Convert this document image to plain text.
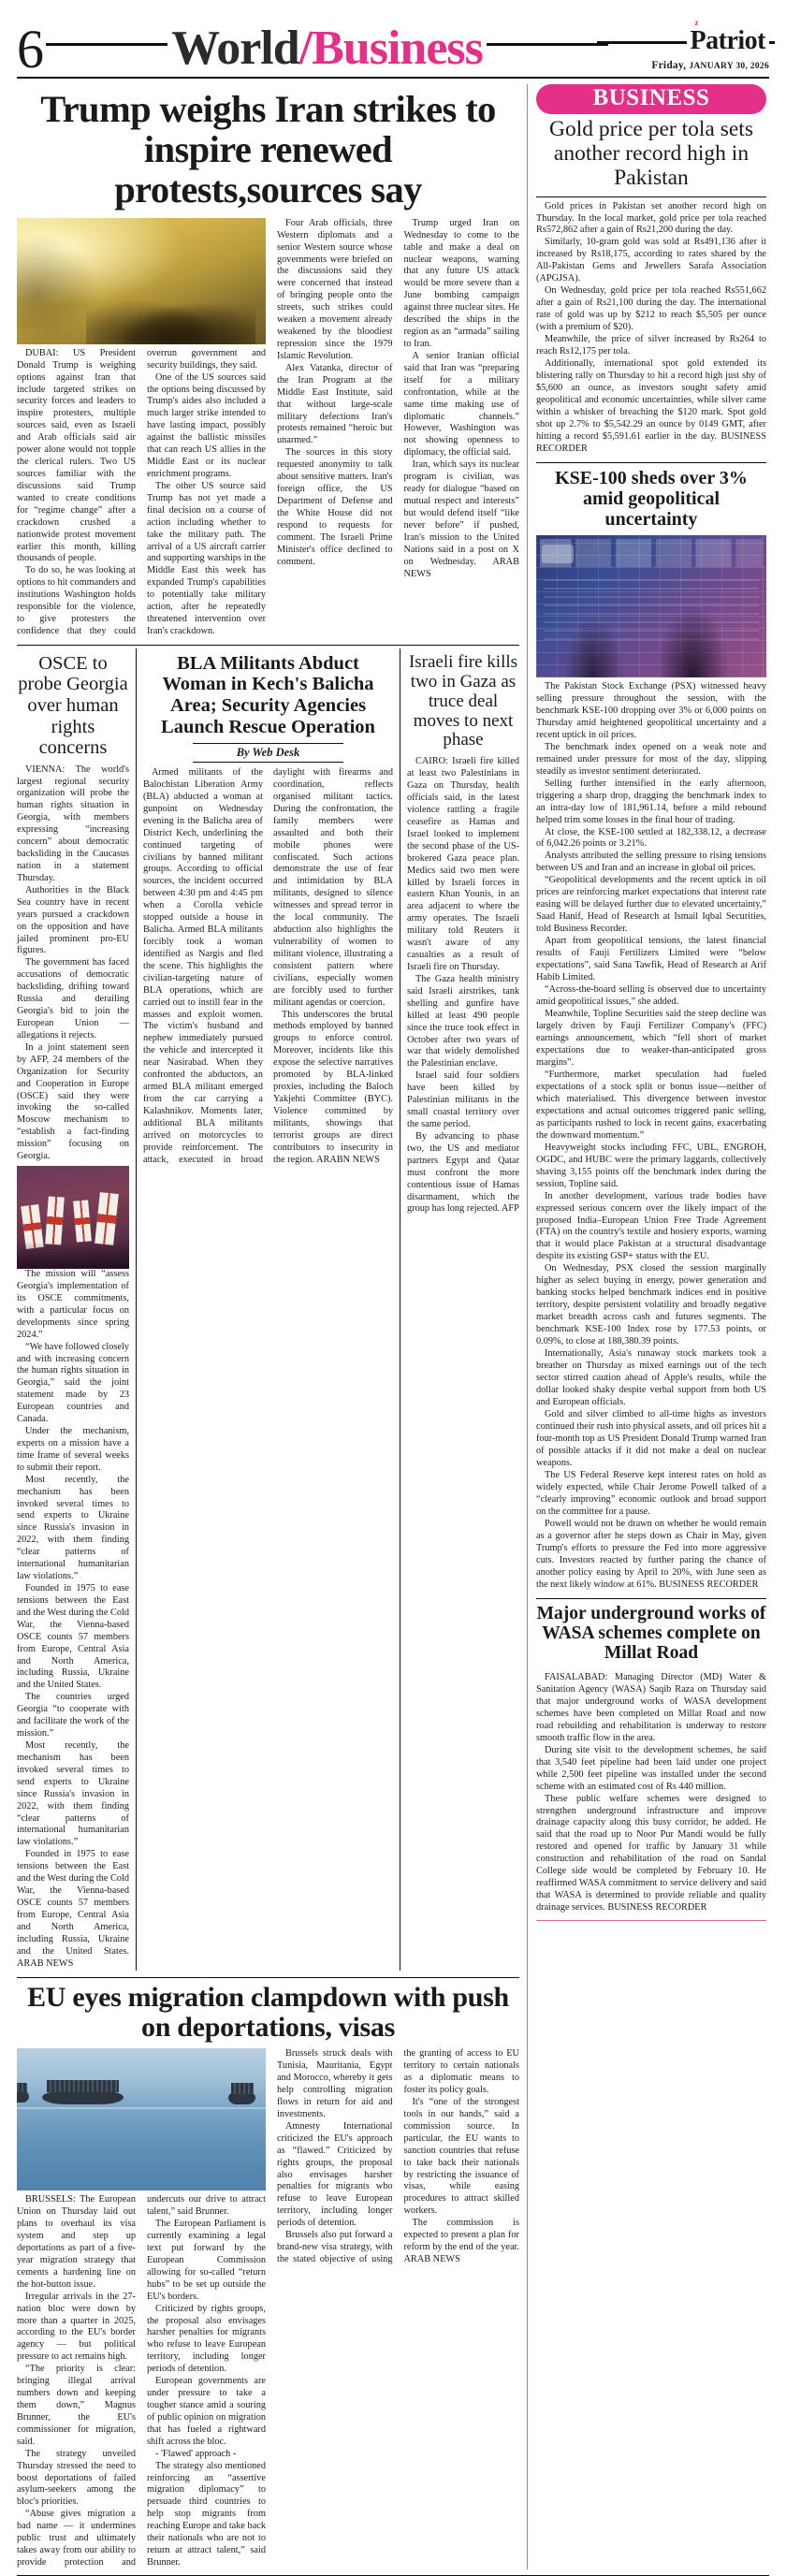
6	World/Business	z
Patriot
Friday, JANUARY 30, 2026
Trump weighs Iran strikes to inspire renewed protests,sources say

DUBAI: US President Donald Trump is weighing options against Iran that include targeted strikes on security forces and leaders to inspire protesters, multiple sources said, even as Israeli and Arab officials said air power alone would not topple the clerical rulers. Two US sources familiar with the discussions said Trump wanted to create conditions for “regime change” after a crackdown crushed a nationwide protest movement earlier this month, killing thousands of people.

To do so, he was looking at options to hit commanders and institutions Washington holds responsible for the violence, to give protesters the confidence that they could overrun government and security buildings, they said.

One of the US sources said the options being discussed by Trump's aides also included a much larger strike intended to have lasting impact, possibly against the ballistic missiles that can reach US allies in the Middle East or its nuclear enrichment programs.

The other US source said Trump has not yet made a final decision on a course of action including whether to take the military path. The arrival of a US aircraft carrier and supporting warships in the Middle East this week has expanded Trump's capabilities to potentially take military action, after he repeatedly threatened intervention over Iran's crackdown.

Four Arab officials, three Western diplomats and a senior Western source whose governments were briefed on the discussions said they were concerned that instead of bringing people onto the streets, such strikes could weaken a movement already weakened by the bloodiest repression since the 1979 Islamic Revolution.

Alex Vatanka, director of the Iran Program at the Middle East Institute, said that without large-scale military defections Iran's protests remained “heroic but unarmed.”

The sources in this story requested anonymity to talk about sensitive matters. Iran's foreign office, the US Department of Defense and the White House did not respond to requests for comment. The Israeli Prime Minister's office declined to comment.

Trump urged Iran on Wednesday to come to the table and make a deal on nuclear weapons, warning that any future US attack would be more severe than a June bombing campaign against three nuclear sites. He described the ships in the region as an “armada” sailing to Iran.

A senior Iranian official said that Iran was “preparing itself for a military confrontation, while at the same time making use of diplomatic channels.” However, Washington was not showing openness to diplomacy, the official said.

Iran, which says its nuclear program is civilian, was ready for dialogue “based on mutual respect and interests” but would defend itself “like never before” if pushed, Iran's mission to the United Nations said in a post on X on Wednesday. ARAB NEWS

OSCE to probe Georgia over human rights concerns

VIENNA: The world's largest regional security organization will probe the human rights situation in Georgia, with members expressing “increasing concern” about democratic backsliding in the Caucasus nation in a statement Thursday.

Authorities in the Black Sea country have in recent years pursued a crackdown on the opposition and have jailed prominent pro-EU figures.

The government has faced accusations of democratic backsliding, drifting toward Russia and derailing Georgia's bid to join the European Union — allegations it rejects.

In a joint statement seen by AFP, 24 members of the Organization for Security and Cooperation in Europe (OSCE) said they were invoking the so-called Moscow mechanism to “establish a fact-finding mission” focusing on Georgia.

The mission will “assess Georgia's implementation of its OSCE commitments, with a particular focus on developments since spring 2024.”

“We have followed closely and with increasing concern the human rights situation in Georgia,” said the joint statement made by 23 European countries and Canada.

Under the mechanism, experts on a mission have a time frame of several weeks to submit their report.

Most recently, the mechanism has been invoked several times to send experts to Ukraine since Russia's invasion in 2022, with them finding “clear patterns of international humanitarian law violations.”

Founded in 1975 to ease tensions between the East and the West during the Cold War, the Vienna-based OSCE counts 57 members from Europe, Central Asia and North America, including Russia, Ukraine and the United States.

The countries urged Georgia “to cooperate with and facilitate the work of the mission.”

Most recently, the mechanism has been invoked several times to send experts to Ukraine since Russia's invasion in 2022, with them finding “clear patterns of international humanitarian law violations.”

Founded in 1975 to ease tensions between the East and the West during the Cold War, the Vienna-based OSCE counts 57 members from Europe, Central Asia and North America, including Russia, Ukraine and the United States. ARAB NEWS

BLA Militants Abduct Woman in Kech's Balicha Area; Security Agencies Launch Rescue Operation
By Web Desk

Armed militants of the Balochistan Liberation Army (BLA) abducted a woman at gunpoint on Wednesday evening in the Balicha area of District Kech, underlining the continued targeting of civilians by banned militant groups. According to official sources, the incident occurred between 4:30 pm and 4:45 pm when a Corolla vehicle stopped outside a house in Balicha. Armed BLA militants forcibly took a woman identified as Nargis and fled the scene. This highlights the civilian-targeting nature of BLA operations, which are carried out to instill fear in the masses and exploit women. The victim's husband and nephew immediately pursued the vehicle and intercepted it near Nasirabad. When they confronted the abductors, an armed BLA militant emerged from the car carrying a Kalashnikov. Moments later, additional BLA militants arrived on motorcycles to provide reinforcement. The attack, executed in broad daylight with firearms and coordination, reflects organised militant tactics. During the confrontation, the family members were assaulted and both their mobile phones were confiscated. Such actions demonstrate the use of fear and intimidation by BLA militants, designed to silence witnesses and spread terror in the local community. The abduction also highlights the vulnerability of women to militant violence, illustrating a consistent pattern where civilians, especially women are forcibly used to further militant agendas or coercion.

This underscores the brutal methods employed by banned groups to enforce control. Moreover, incidents like this expose the selective narratives promoted by BLA-linked proxies, including the Baloch Yakjehti Committee (BYC). Violence committed by militants, showings that terrorist groups are direct contributors to insecurity in the region. ARABN NEWS

Israeli fire kills two in Gaza as truce deal moves to next phase

CAIRO: Israeli fire killed at least two Palestinians in Gaza on Thursday, health officials said, in the latest violence rattling a fragile ceasefire as Hamas and Israel looked to implement the second phase of the US-brokered Gaza peace plan. Medics said two men were killed by Israeli forces in eastern Khan Younis, in an area adjacent to where the army operates. The Israeli military told Reuters it wasn't aware of any casualties as a result of Israeli fire on Thursday.

The Gaza health ministry said Israeli airstrikes, tank shelling and gunfire have killed at least 490 people since the truce took effect in October after two years of war that widely demolished the Palestinian enclave.

Israel said four soldiers have been killed by Palestinian militants in the small coastal territory over the same period.

By advancing to phase two, the US and mediator partners Egypt and Qatar must confront the more contentious issue of Hamas disarmament, which the group has long rejected. AFP

EU eyes migration clampdown with push on deportations, visas

BRUSSELS: The European Union on Thursday laid out plans to overhaul its visa system and step up deportations as part of a five-year migration strategy that cements a hardening line on the hot-button issue.

Irregular arrivals in the 27-nation bloc were down by more than a quarter in 2025, according to the EU's border agency — but political pressure to act remains high.

“The priority is clear: bringing illegal arrival numbers down and keeping them down,” Magnus Brunner, the EU's commissioner for migration, said.

The strategy unveiled Thursday stressed the need to boost deportations of failed asylum-seekers among the bloc's priorities.

“Abuse gives migration a bad name — it undermines public trust and ultimately takes away from our ability to provide protection and undercuts our drive to attract talent,” said Brunner.

The European Parliament is currently examining a legal text put forward by the European Commission allowing for so-called “return hubs” to be set up outside the EU's borders.

Criticized by rights groups, the proposal also envisages harsher penalties for migrants who refuse to leave European territory, including longer periods of detention.

European governments are under pressure to take a tougher stance amid a souring of public opinion on migration that has fueled a rightward shift across the bloc.

- 'Flawed' approach -

The strategy also mentioned reinforcing an “assertive migration diplomacy” to persuade third countries to help stop migrants from reaching Europe and take back their nationals who are not to return at attract talent,” said Brunner.

Brussels struck deals with Tunisia, Mauritania, Egypt and Morocco, whereby it gets help controlling migration flows in return for aid and investments.

Amnesty International criticized the EU's approach as “flawed.” Criticized by rights groups, the proposal also envisages harsher penalties for migrants who refuse to leave European territory, including longer periods of detention.

Brussels also put forward a brand-new visa strategy, with the stated objective of using the granting of access to EU territory to certain nationals as a diplomatic means to foster its policy goals.

It's “one of the strongest tools in our hands,” said a commission source. In particular, the EU wants to sanction countries that refuse to take back their nationals by restricting the issuance of visas, while easing procedures to attract skilled workers.

The commission is expected to present a plan for reform by the end of the year. ARAB NEWS

BUSINESS
Gold price per tola sets another record high in Pakistan

Gold prices in Pakistan set another record high on Thursday. In the local market, gold price per tola reached Rs572,862 after a gain of Rs21,200 during the day.

Similarly, 10-gram gold was sold at Rs491,136 after it increased by Rs18,175, according to rates shared by the All-Pakistan Gems and Jewellers Sarafa Association (APGJSA).

On Wednesday, gold price per tola reached Rs551,662 after a gain of Rs21,100 during the day. The international rate of gold was up by $212 to reach $5,505 per ounce (with a premium of $20).

Meanwhile, the price of silver increased by Rs264 to reach Rs12,175 per tola.

Additionally, international spot gold extended its blistering rally on Thursday to hit a record high just shy of $5,600 an ounce, as investors sought safety amid geopolitical and economic uncertainties, while silver came within a whisker of breaching the $120 mark. Spot gold shot up 2.7% to $5,542.29 an ounce by 0149 GMT, after hitting a record $5,591.61 earlier in the day. BUSINESS RECORDER

KSE-100 sheds over 3% amid geopolitical uncertainty

The Pakistan Stock Exchange (PSX) witnessed heavy selling pressure throughout the session, with the benchmark KSE-100 dropping over 3% or 6,000 points on Thursday amid heightened geopolitical uncertainty and a recent uptick in oil prices.

The benchmark index opened on a weak note and remained under pressure for most of the day, slipping steadily as investor sentiment deteriorated.

Selling further intensified in the early afternoon, triggering a sharp drop, dragging the benchmark index to an intra-day low of 181,961.14, before a mild rebound helped trim some losses in the final hour of trading.

At close, the KSE-100 settled at 182,338.12, a decrease of 6,042.26 points or 3.21%.

Analysts attributed the selling pressure to rising tensions between US and Iran and an increase in global oil prices.

“Geopolitical developments and the recent uptick in oil prices are reinforcing market expectations that interest rate easing will be delayed further due to elevated uncertainty,” Saad Hanif, Head of Research at Ismail Iqbal Securities, told Business Recorder.

Apart from geopolitical tensions, the latest financial results of Fauji Fertilizers Limited were “below expectations”, said Sana Tawfik, Head of Research at Arif Habib Limited.

“Across-the-board selling is observed due to uncertainty amid geopolitical issues,” she added.

Meanwhile, Topline Securities said the steep decline was largely driven by Fauji Fertilizer Company's (FFC) earnings announcement, which “fell short of market expectations due to weaker-than-anticipated gross margins”.

“Furthermore, market speculation had fueled expectations of a stock split or bonus issue—neither of which materialised. This divergence between investor expectations and actual outcomes triggered panic selling, as participants rushed to lock in recent gains, exacerbating the downward momentum.”

Heavyweight stocks including FFC, UBL, ENGROH, OGDC, and HUBC were the primary laggards, collectively shaving 3,155 points off the benchmark index during the session, Topline said.

In another development, various trade bodies have expressed serious concern over the likely impact of the proposed India–European Union Free Trade Agreement (FTA) on the country's textile and hosiery exports, warning that it would place Pakistan at a structural disadvantage despite its existing GSP+ status with the EU.

On Wednesday, PSX closed the session marginally higher as select buying in energy, power generation and banking stocks helped benchmark indices end in positive territory, despite persistent volatility and broadly negative market breadth across cash and futures segments. The benchmark KSE-100 Index rose by 177.53 points, or 0.09%, to close at 188,380.39 points.

Internationally, Asia's runaway stock markets took a breather on Thursday as mixed earnings out of the tech sector stirred caution ahead of Apple's results, while the dollar looked shaky despite verbal support from both US and European officials.

Gold and silver climbed to all-time highs as investors continued their rush into physical assets, and oil prices hit a four-month top as US President Donald Trump warned Iran of possible attacks if it did not make a deal on nuclear weapons.

The US Federal Reserve kept interest rates on hold as widely expected, while Chair Jerome Powell talked of a “clearly improving” economic outlook and broad support on the committee for a pause.

Powell would not be drawn on whether he would remain as a governor after he steps down as Chair in May, given Trump's efforts to pressure the Fed into more aggressive cuts. Investors reacted by further paring the chance of another policy easing by April to 20%, with June seen as the next likely window at 61%. BUSINESS RECORDER

Major underground works of WASA schemes complete on Millat Road

FAISALABAD: Managing Director (MD) Water & Sanitation Agency (WASA) Saqib Raza on Thursday said that major underground works of WASA development schemes have been completed on Millat Road and now road rebuilding and rehabilitation is underway to restore smooth traffic flow in the area.

During site visit to the development schemes, he said that 3,540 feet pipeline had been laid under one project while 2,500 feet pipeline was installed under the second scheme with an estimated cost of Rs 440 million.

These public welfare schemes were designed to strengthen underground infrastructure and improve drainage capacity along this busy corridor, he added. He said that the road up to Noor Pur Mandi would be fully restored and opened for traffic by January 31 while construction and rehabilitation of the road on Sandal College side would be completed by February 10. He reaffirmed WASA commitment to service delivery and said that WASA is determined to provide reliable and quality drainage services. BUSINESS RECORDER
